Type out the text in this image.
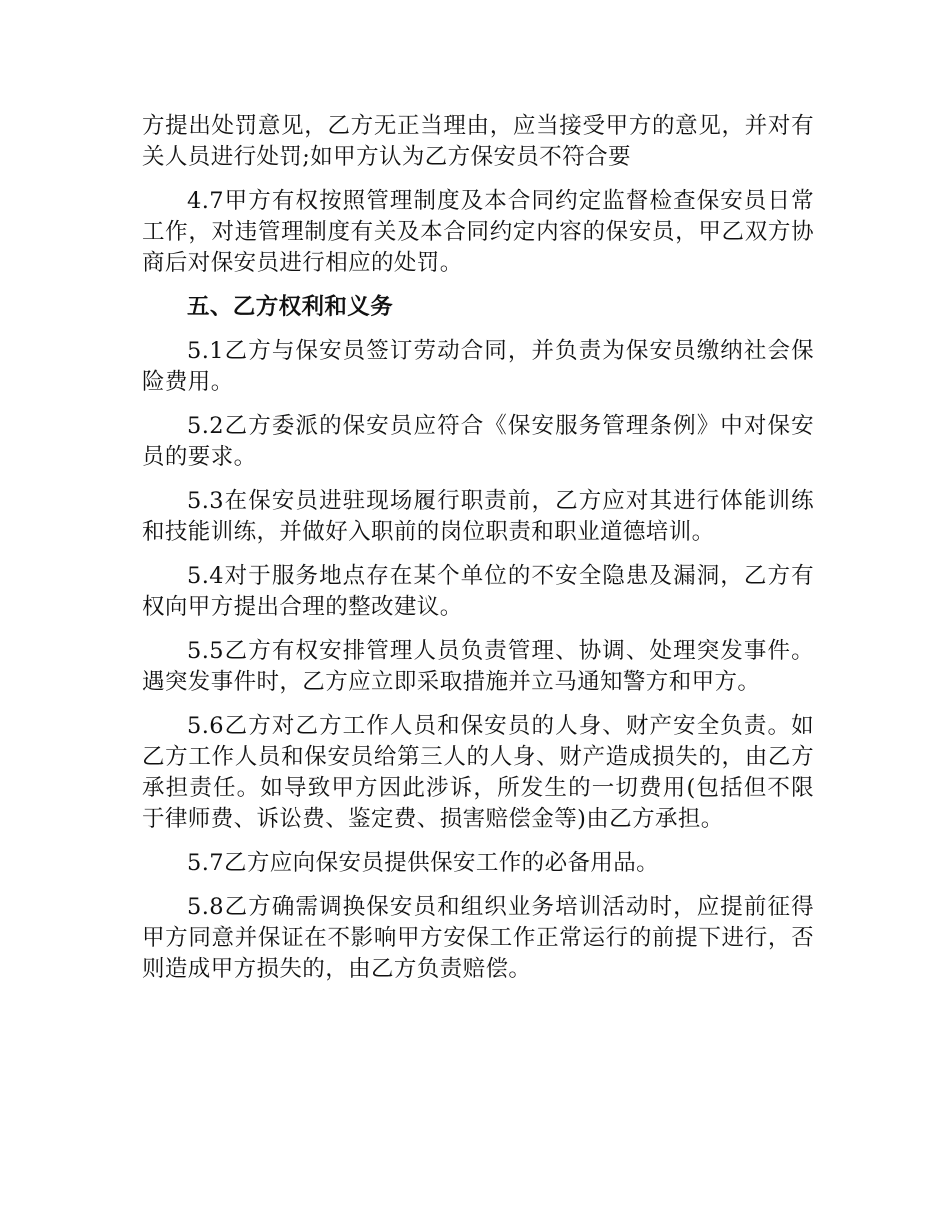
方提出处罚意见，乙方无正当理由，应当接受甲方的意见，并对有关人员进行处罚;如甲方认为乙方保安员不符合要

4.7甲方有权按照管理制度及本合同约定监督检查保安员日常工作，对违管理制度有关及本合同约定内容的保安员，甲乙双方协商后对保安员进行相应的处罚。

五、乙方权利和义务

5.1乙方与保安员签订劳动合同，并负责为保安员缴纳社会保险费用。

5.2乙方委派的保安员应符合《保安服务管理条例》中对保安员的要求。

5.3在保安员进驻现场履行职责前，乙方应对其进行体能训练和技能训练，并做好入职前的岗位职责和职业道德培训。

5.4对于服务地点存在某个单位的不安全隐患及漏洞，乙方有权向甲方提出合理的整改建议。

5.5乙方有权安排管理人员负责管理、协调、处理突发事件。遇突发事件时，乙方应立即采取措施并立马通知警方和甲方。

5.6乙方对乙方工作人员和保安员的人身、财产安全负责。如乙方工作人员和保安员给第三人的人身、财产造成损失的，由乙方承担责任。如导致甲方因此涉诉，所发生的一切费用(包括但不限于律师费、诉讼费、鉴定费、损害赔偿金等)由乙方承担。

5.7乙方应向保安员提供保安工作的必备用品。

5.8乙方确需调换保安员和组织业务培训活动时，应提前征得甲方同意并保证在不影响甲方安保工作正常运行的前提下进行，否则造成甲方损失的，由乙方负责赔偿。
